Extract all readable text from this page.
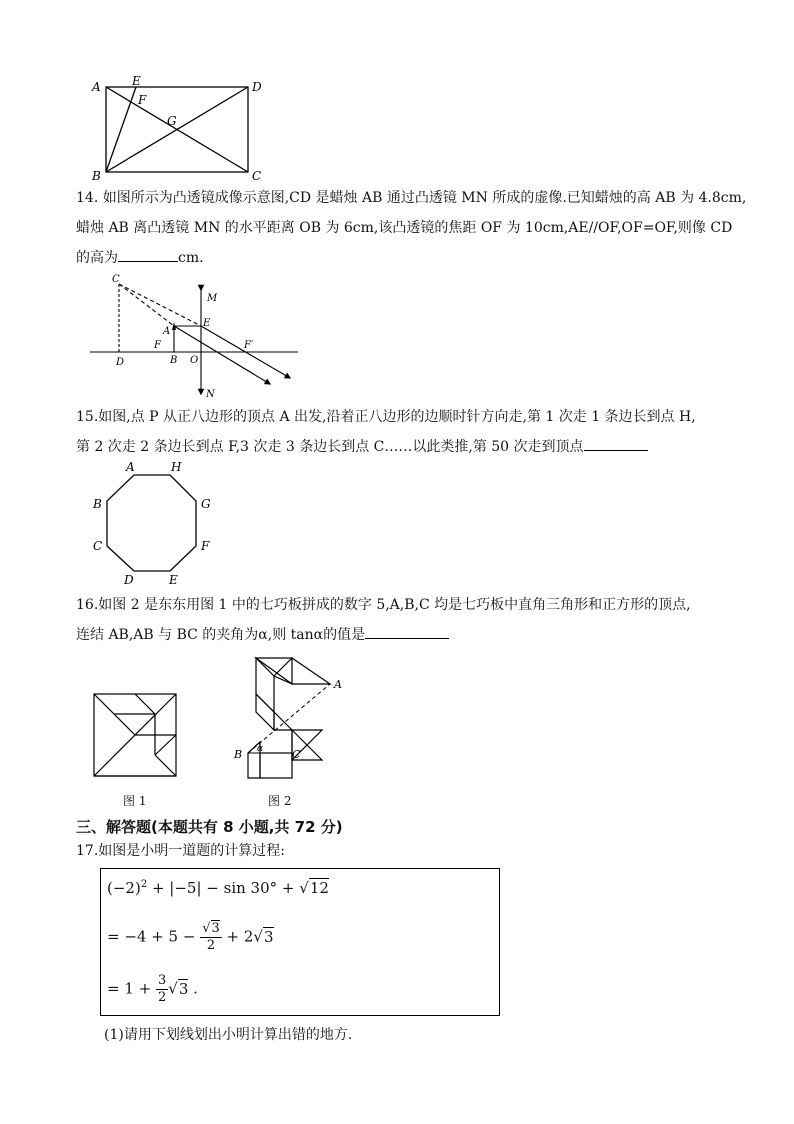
A	E
F
G
D
B	C

14. 如图所示为凸透镜成像示意图,CD 是蜡烛 AB 通过凸透镜 MN 所成的虚像.已知蜡烛的高 AB 为 4.8cm,

蜡烛 AB 离凸透镜 MN 的水平距离 OB 为 6cm,该凸透镜的焦距 OF 为 10cm,AE//OF,OF=OF,则像 CD

的高为	cm.

C
M
E
A
D
F
B O
F′
N

15.如图,点 P 从正八边形的顶点 A 出发,沿着正八边形的边顺时针方向走,第 1 次走 1 条边长到点 H,

第 2 次走 2 条边长到点 F,3 次走 3 条边长到点 C……以此类推,第 50 次走到顶点

A	H
B	G
C	F
D	E

16.如图 2 是东东用图 1 中的七巧板拼成的数字 5,A,B,C 均是七巧板中直角三角形和正方形的顶点,

连结 AB,AB 与 BC 的夹角为α,则 tanα的值是

图 1
A
B	C
α
图 2
三、解答题(本题共有 8 小题,共 72 分)

17.如图是小明一道题的计算过程:

$(-2)^2 + |-5| - \sin 30^\circ + √12$
= $-4 + 5 - \frac{√3}{2} + 2√3$
= $1 + \frac{3}{2} √3$ .

(1)请用下划线划出小明计算出错的地方.
